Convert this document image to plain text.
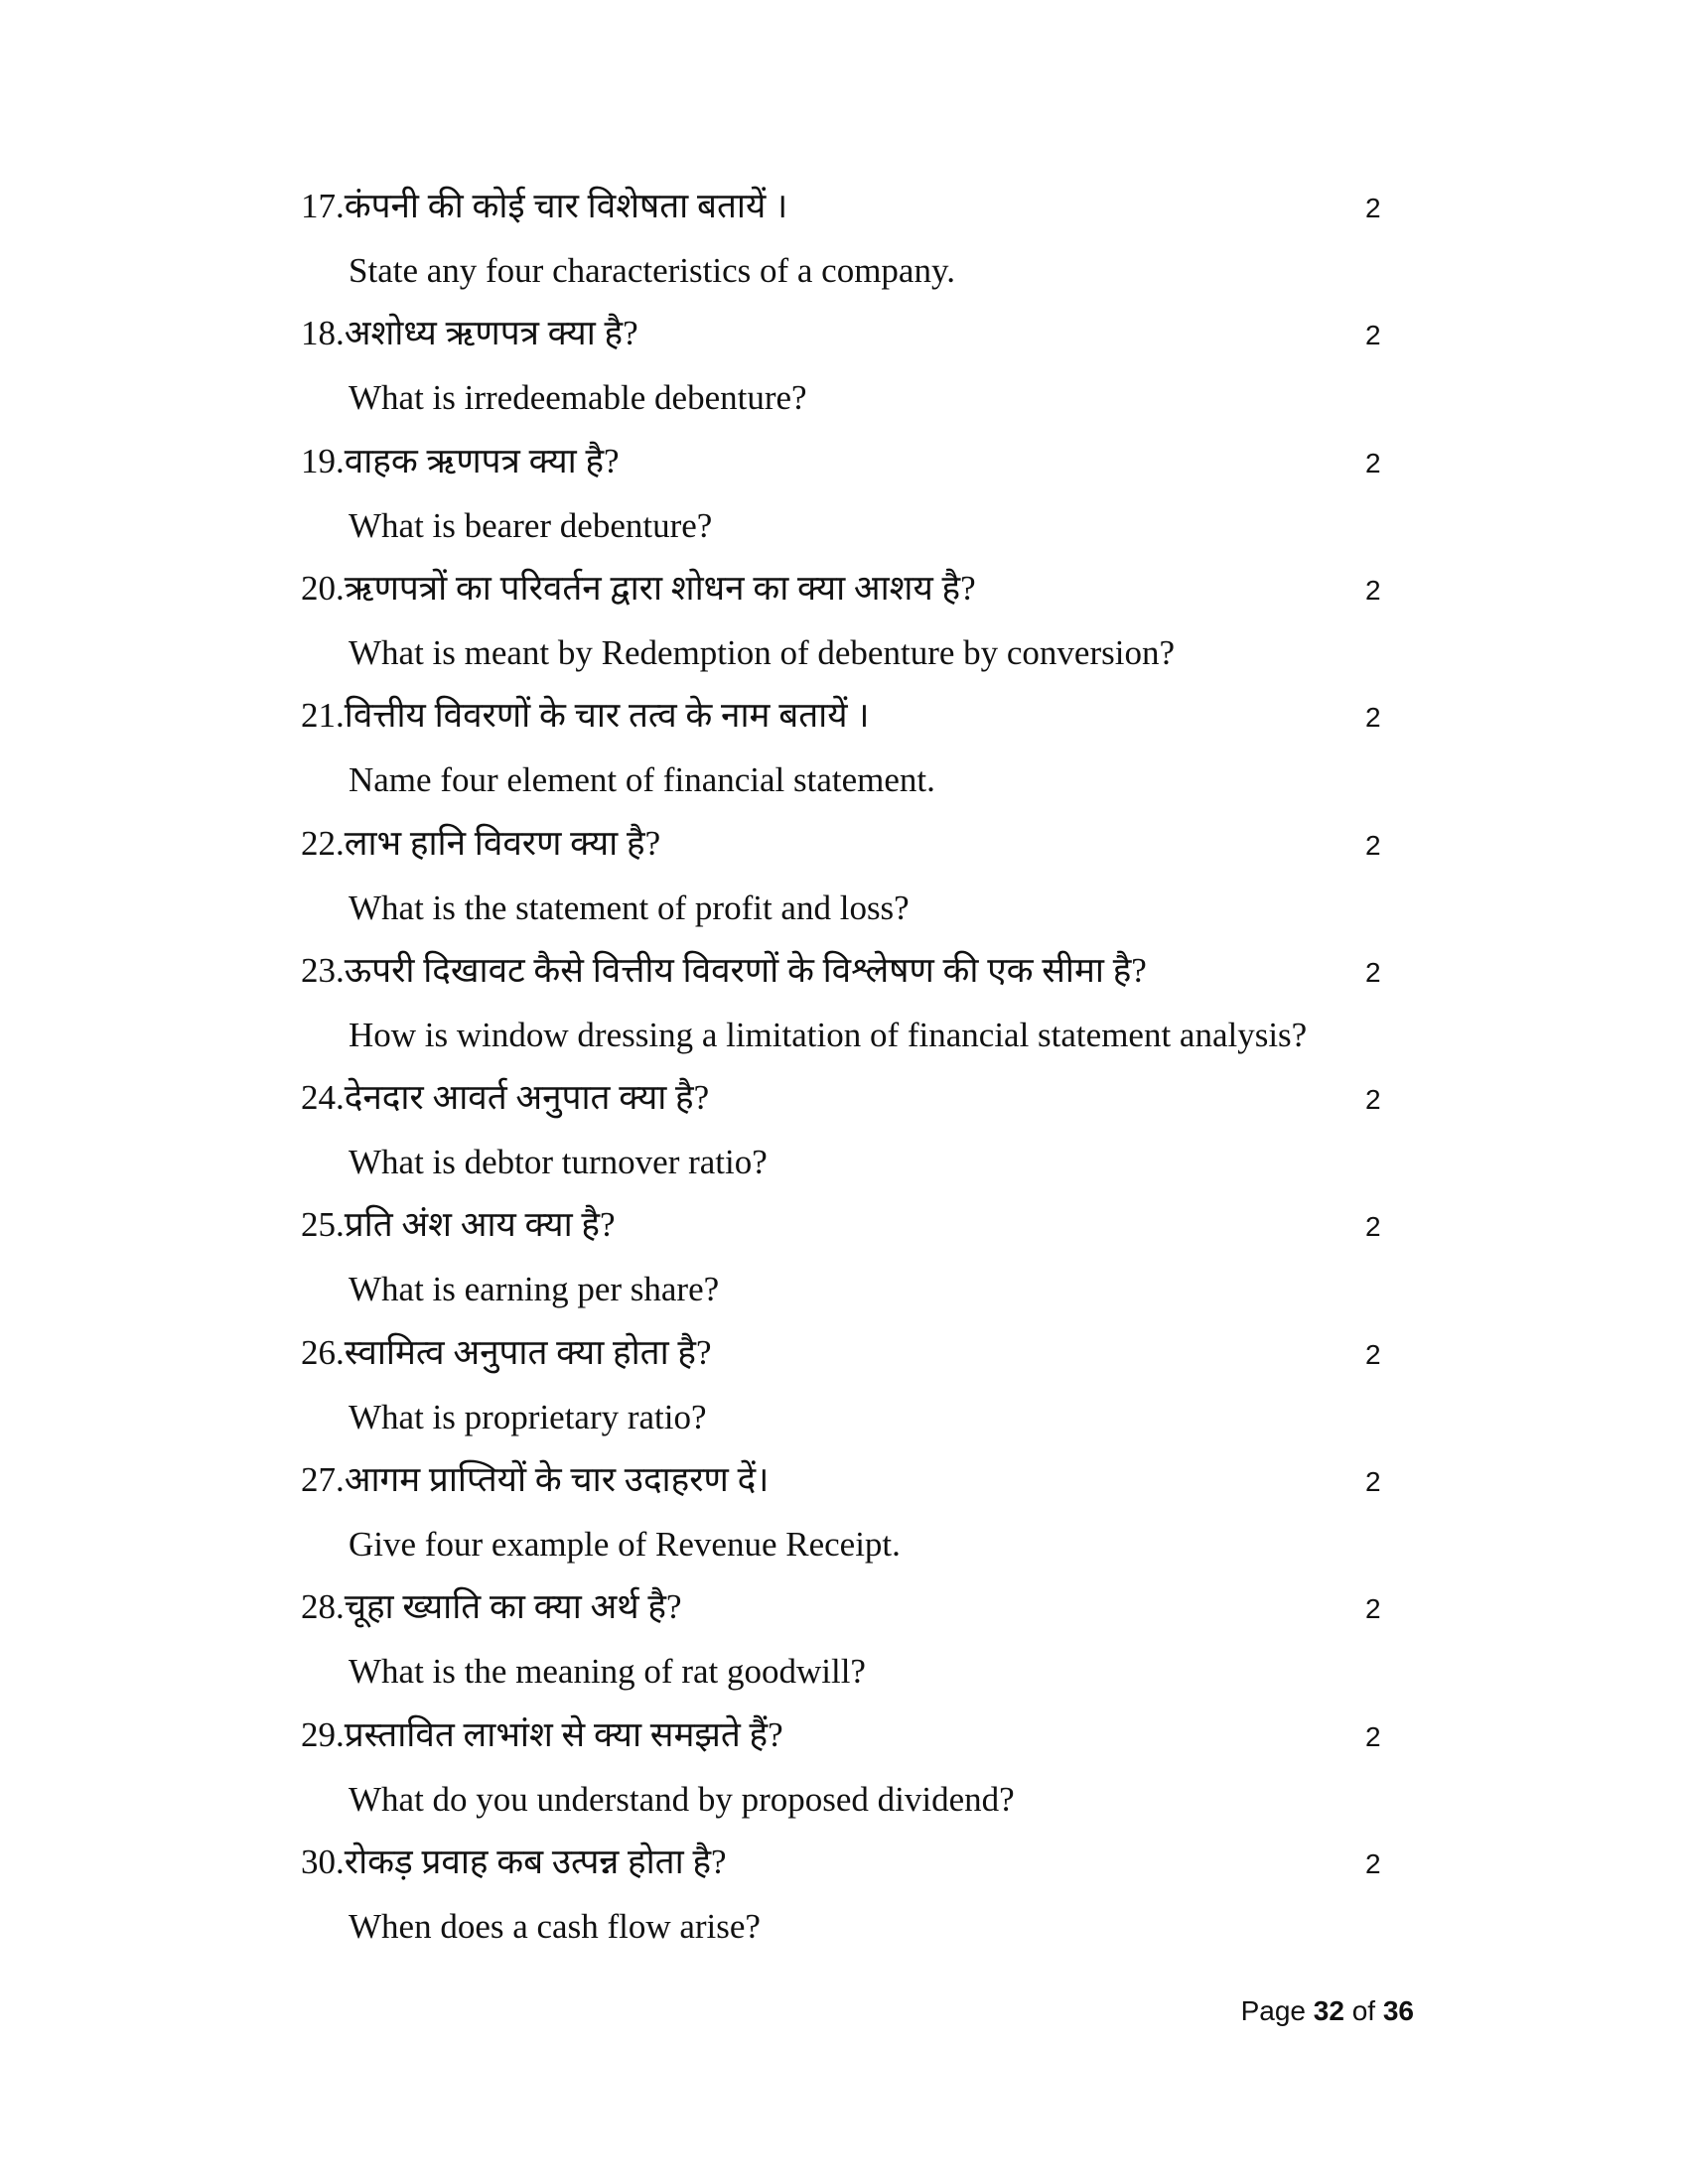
17.कंपनी की कोई चार विशेषता बतायें ।	2
State any four characteristics of a company.
18.अशोध्य ऋणपत्र क्या है?	2
What is irredeemable debenture?
19.वाहक ऋणपत्र क्या है?	2
What is bearer debenture?
20.ऋणपत्रों का परिवर्तन द्वारा शोधन का क्या आशय है?	2
What is meant by Redemption of debenture by conversion?
21.वित्तीय विवरणों के चार तत्व के नाम बतायें ।	2
Name four element of financial statement.
22.लाभ हानि विवरण क्या है?	2
What is the statement of profit and loss?
23.ऊपरी दिखावट कैसे वित्तीय विवरणों के विश्लेषण की एक सीमा है?	2
How is window dressing a limitation of financial statement analysis?
24.देनदार आवर्त अनुपात क्या है?	2
What is debtor turnover ratio?
25.प्रति अंश आय क्या है?	2
What is earning per share?
26.स्वामित्व अनुपात क्या होता है?	2
What is proprietary ratio?
27.आगम प्राप्तियों के चार उदाहरण दें।	2
Give four example of Revenue Receipt.
28.चूहा ख्याति का क्या अर्थ है?	2
What is the meaning of rat goodwill?
29.प्रस्तावित लाभांश से क्या समझते हैं?	2
What do you understand by proposed dividend?
30.रोकड़ प्रवाह कब उत्पन्न होता है?	2
When does a cash flow arise?
Page 32 of 36
